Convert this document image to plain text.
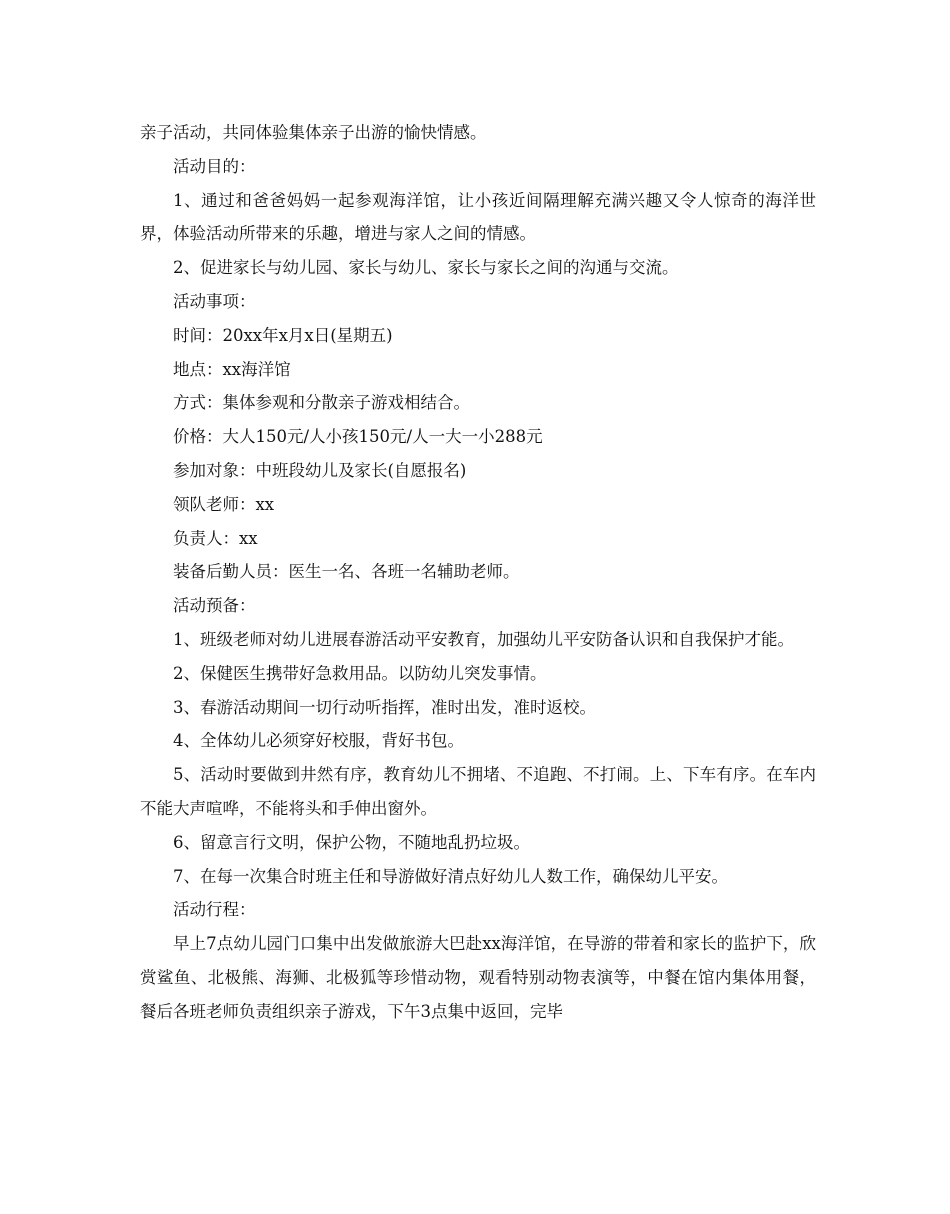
亲子活动，共同体验集体亲子出游的愉快情感。

活动目的：

1、通过和爸爸妈妈一起参观海洋馆，让小孩近间隔理解充满兴趣又令人惊奇的海洋世界，体验活动所带来的乐趣，增进与家人之间的情感。

2、促进家长与幼儿园、家长与幼儿、家长与家长之间的沟通与交流。

活动事项：

时间：20xx年x月x日(星期五)

地点：xx海洋馆

方式：集体参观和分散亲子游戏相结合。

价格：大人150元/人小孩150元/人一大一小288元

参加对象：中班段幼儿及家长(自愿报名)

领队老师：xx

负责人：xx

装备后勤人员：医生一名、各班一名辅助老师。

活动预备：

1、班级老师对幼儿进展春游活动平安教育，加强幼儿平安防备认识和自我保护才能。

2、保健医生携带好急救用品。以防幼儿突发事情。

3、春游活动期间一切行动听指挥，准时出发，准时返校。

4、全体幼儿必须穿好校服，背好书包。

5、活动时要做到井然有序，教育幼儿不拥堵、不追跑、不打闹。上、下车有序。在车内不能大声喧哗，不能将头和手伸出窗外。

6、留意言行文明，保护公物，不随地乱扔垃圾。

7、在每一次集合时班主任和导游做好清点好幼儿人数工作，确保幼儿平安。

活动行程：

早上7点幼儿园门口集中出发做旅游大巴赴xx海洋馆，在导游的带着和家长的监护下，欣赏鲨鱼、北极熊、海狮、北极狐等珍惜动物，观看特别动物表演等，中餐在馆内集体用餐，餐后各班老师负责组织亲子游戏，下午3点集中返回，完毕
